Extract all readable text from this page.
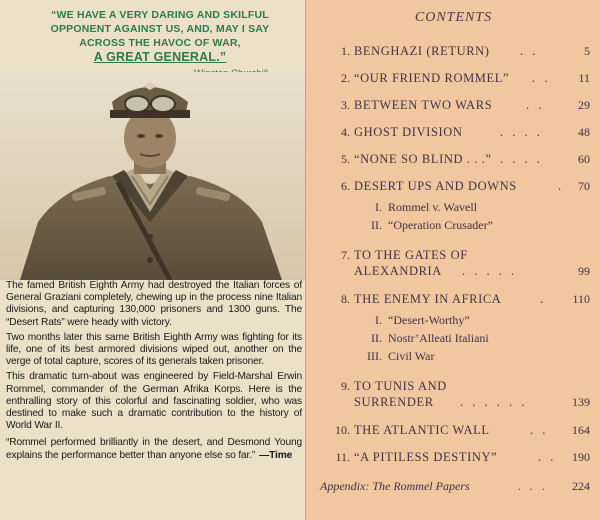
“WE HAVE A VERY DARING AND SKILFUL
OPPONENT AGAINST US, AND, MAY I SAY
ACROSS THE HAVOC OF WAR,
A GREAT GENERAL.”

The famed British Eighth Army had destroyed the Italian forces of General Graziani completely, chewing up in the process nine Italian divisions, and capturing 130,000 prisoners and 1300 guns. The “Desert Rats” were heady with victory.

Two months later this same British Eighth Army was fighting for its life, one of its best armored divisions wiped out, another on the verge of total capture, scores of its generals taken prisoner.

This dramatic turn-about was engineered by Field-Marshal Erwin Rommel, commander of the German Afrika Korps. Here is the enthralling story of this colorful and fascinating soldier, who was destined to make such a dramatic contribution to the history of World War II.

“Rommel performed brilliantly in the desert, and Desmond Young explains the performance better than anyone else so far.” —Time

CONTENTS
1. BENGHAZI (RETURN) . .	5
2. “OUR FRIEND ROMMEL” . . 11
3. BETWEEN TWO WARS	. .	29
4. GHOST DIVISION	. . . .	48
5. “NONE SO BLIND . . .” . . . .	60
6. DESERT UPS AND DOWNS	. 70
I. Rommel v. Wavell
II. “Operation Crusader”
7. TO THE GATES OF
ALEXANDRIA . . . . .	99
8. THE ENEMY IN AFRICA	. 110
I. “Desert-Worthy”
II. Nostr’Alleati Italiani
III. Civil War
9. TO TUNIS AND
SURRENDER . . . . . .	139
10. THE ATLANTIC WALL	. . 164
11. “A PITILESS DESTINY”	. . 190
Appendix: The Rommel Papers	. . . 224
